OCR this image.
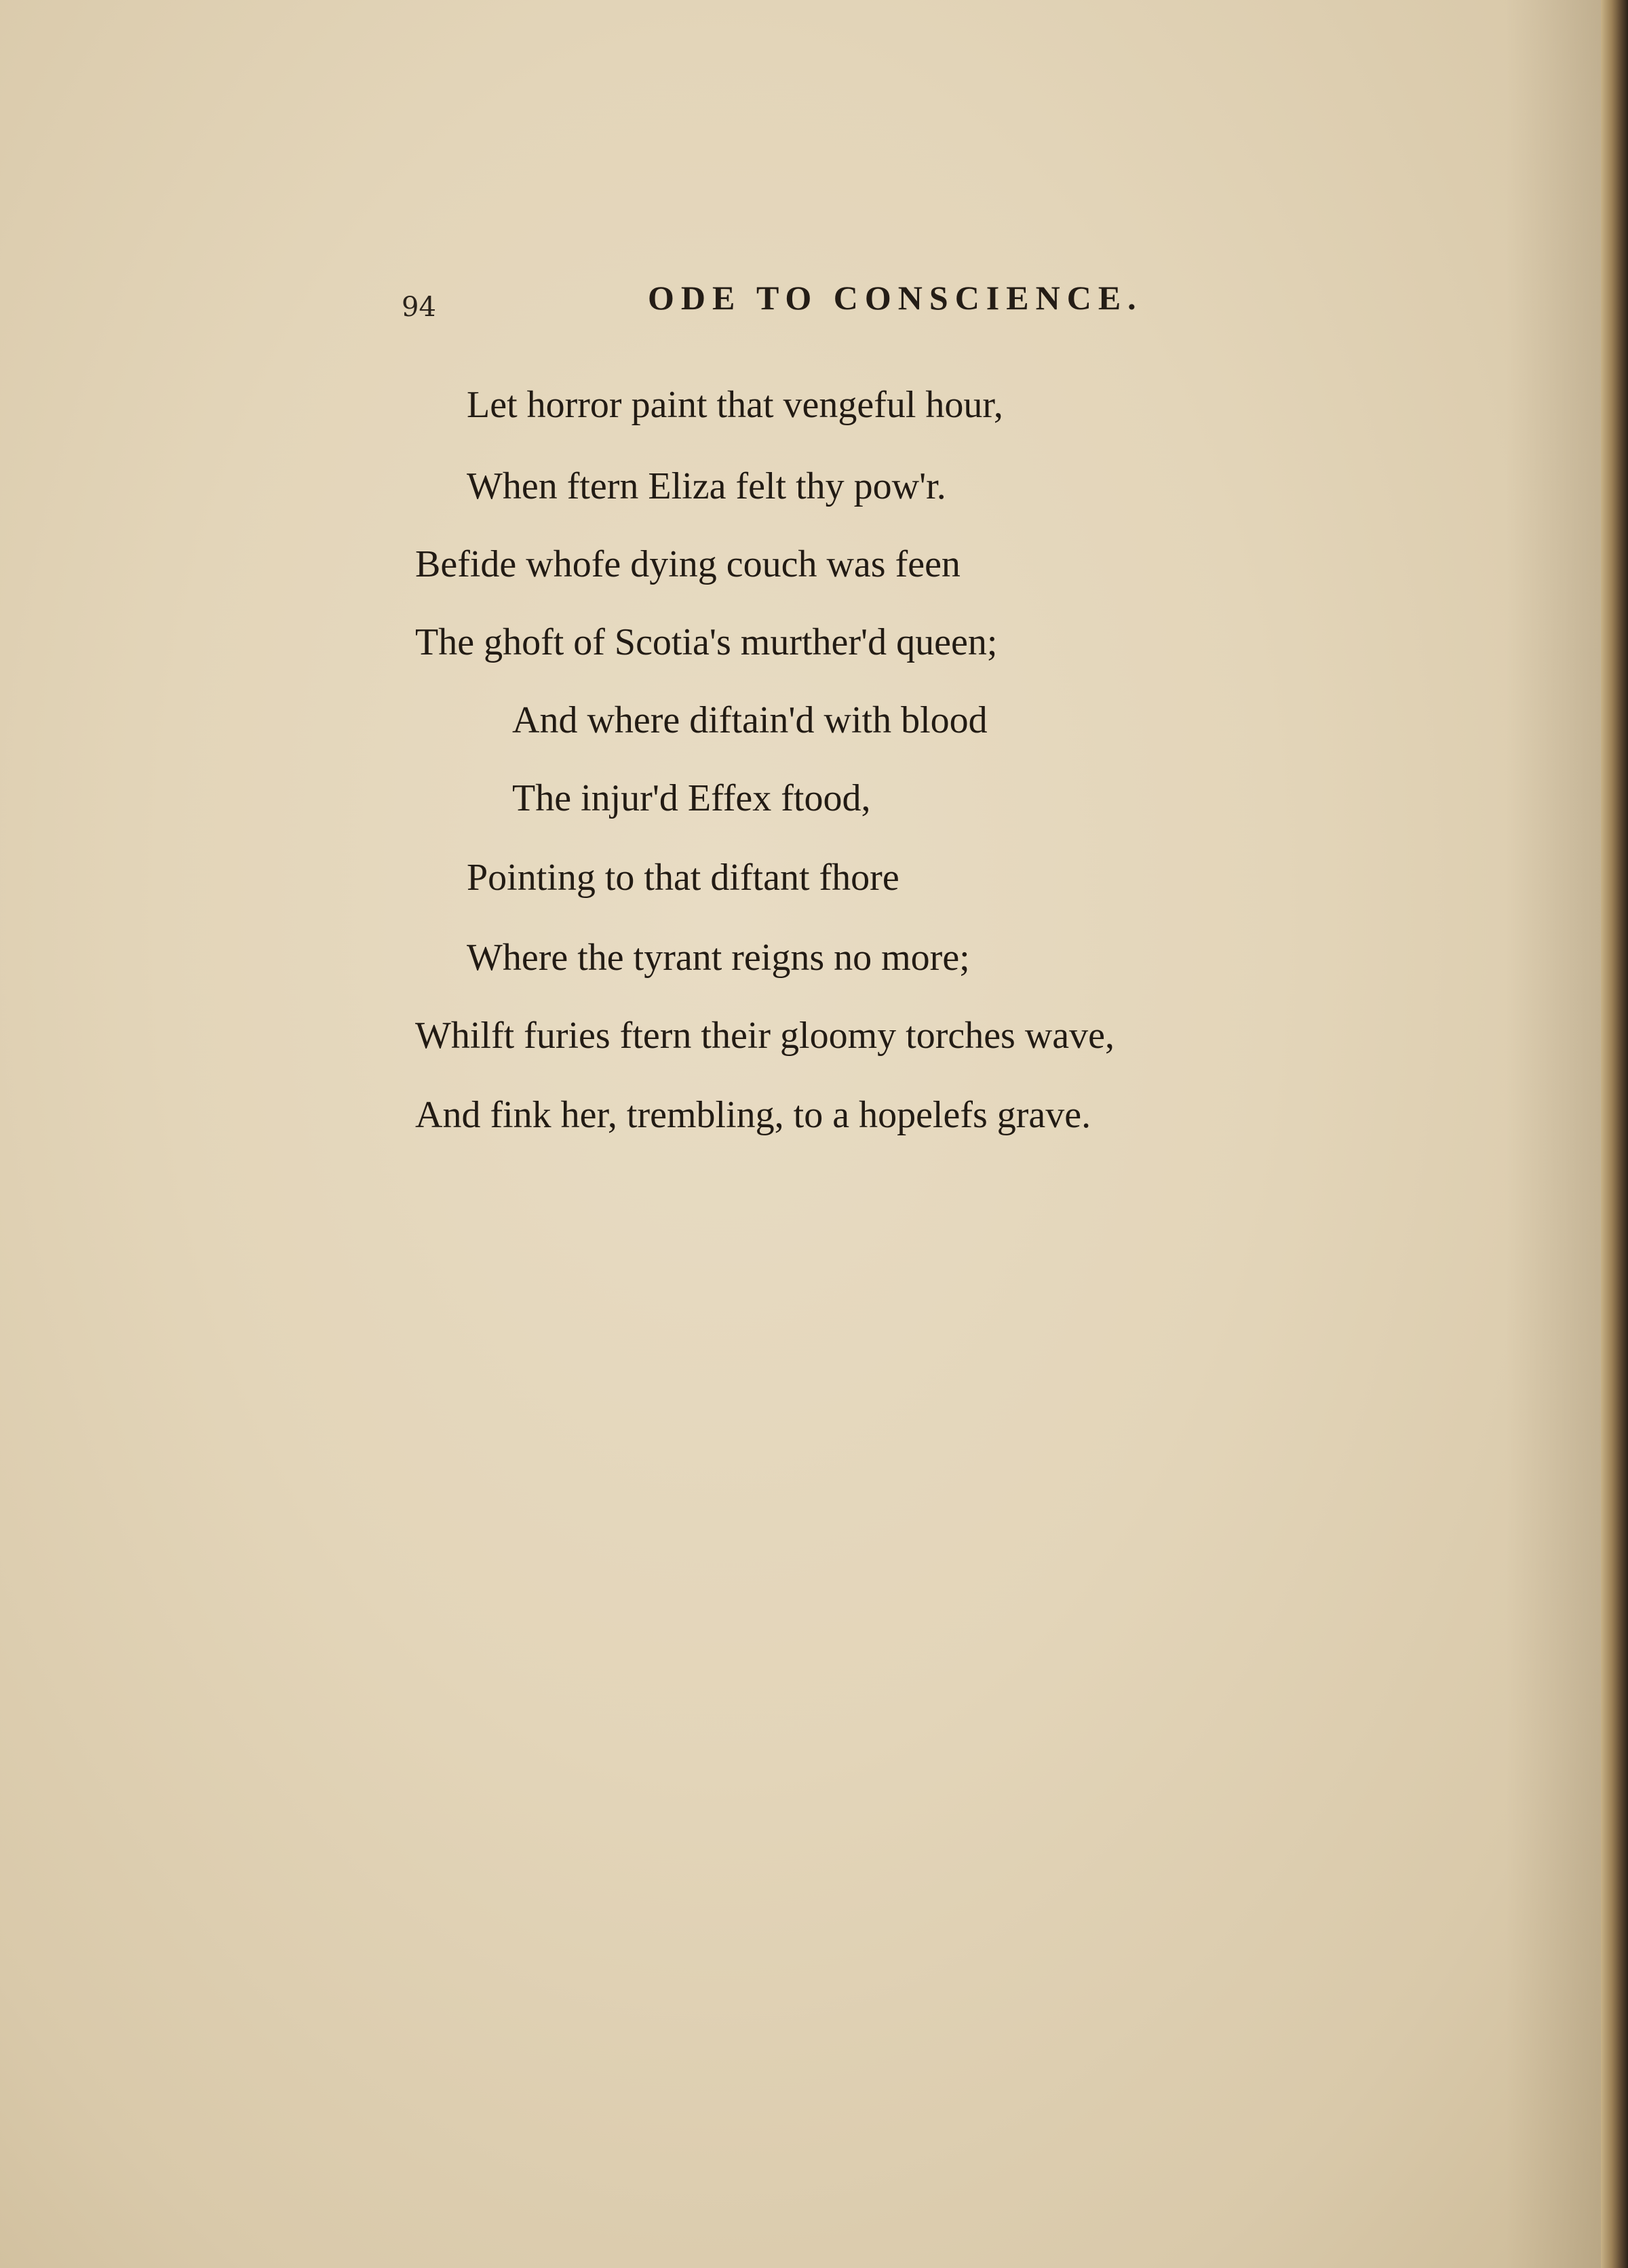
94	ODE TO CONSCIENCE.
Let horror paint that vengeful hour,
When ftern Eliza felt thy pow'r.
Befide whofe dying couch was feen
The ghoft of Scotia's murther'd queen;
And where diftain'd with blood
The injur'd Effex ftood,
Pointing to that diftant fhore
Where the tyrant reigns no more;
Whilft furies ftern their gloomy torches wave,
And fink her, trembling, to a hopelefs grave.
